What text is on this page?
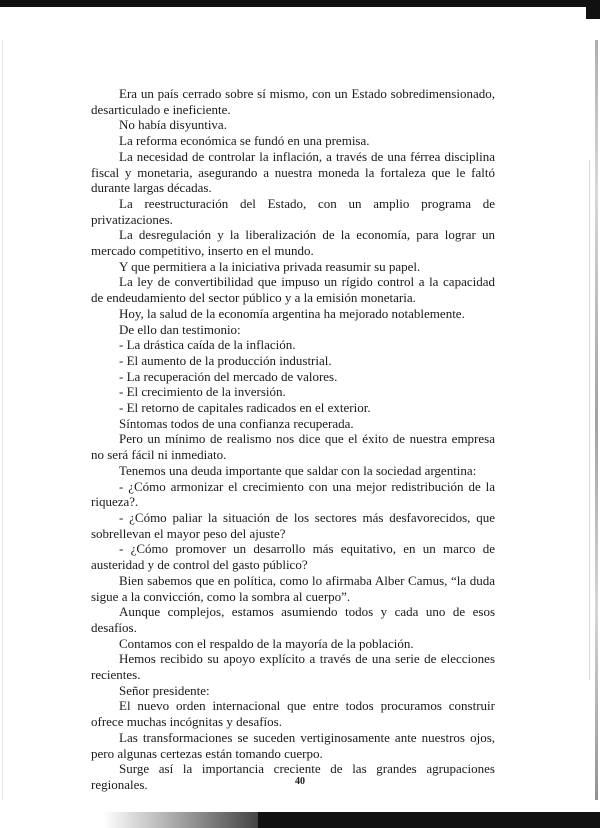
Era un país cerrado sobre sí mismo, con un Estado sobredimensionado, desarticulado e ineficiente.

No había disyuntiva.

La reforma económica se fundó en una premisa.

La necesidad de controlar la inflación, a través de una férrea disciplina fiscal y monetaria, asegurando a nuestra moneda la fortaleza que le faltó durante largas décadas.

La reestructuración del Estado, con un amplio programa de privatizaciones.

La desregulación y la liberalización de la economía, para lograr un mercado competitivo, inserto en el mundo.

Y que permitiera a la iniciativa privada reasumir su papel.

La ley de convertibilidad que impuso un rígido control a la capacidad de endeudamiento del sector público y a la emisión monetaria.

Hoy, la salud de la economía argentina ha mejorado notablemente.

De ello dan testimonio:

- La drástica caída de la inflación.

- El aumento de la producción industrial.

- La recuperación del mercado de valores.

- El crecimiento de la inversión.

- El retorno de capitales radicados en el exterior.

Síntomas todos de una confianza recuperada.

Pero un mínimo de realismo nos dice que el éxito de nuestra empresa no será fácil ni inmediato.

Tenemos una deuda importante que saldar con la sociedad argentina:

- ¿Cómo armonizar el crecimiento con una mejor redistribución de la riqueza?.

- ¿Cómo paliar la situación de los sectores más desfavorecidos, que sobrellevan el mayor peso del ajuste?

- ¿Cómo promover un desarrollo más equitativo, en un marco de austeridad y de control del gasto público?

Bien sabemos que en política, como lo afirmaba Alber Camus, “la duda sigue a la convicción, como la sombra al cuerpo”.

Aunque complejos, estamos asumiendo todos y cada uno de esos desafíos.

Contamos con el respaldo de la mayoría de la población.

Hemos recibido su apoyo explícito a través de una serie de elecciones recientes.

Señor presidente:

El nuevo orden internacional que entre todos procuramos construir ofrece muchas incógnitas y desafíos.

Las transformaciones se suceden vertiginosamente ante nuestros ojos, pero algunas certezas están tomando cuerpo.

Surge así la importancia creciente de las grandes agrupaciones regionales.	40
